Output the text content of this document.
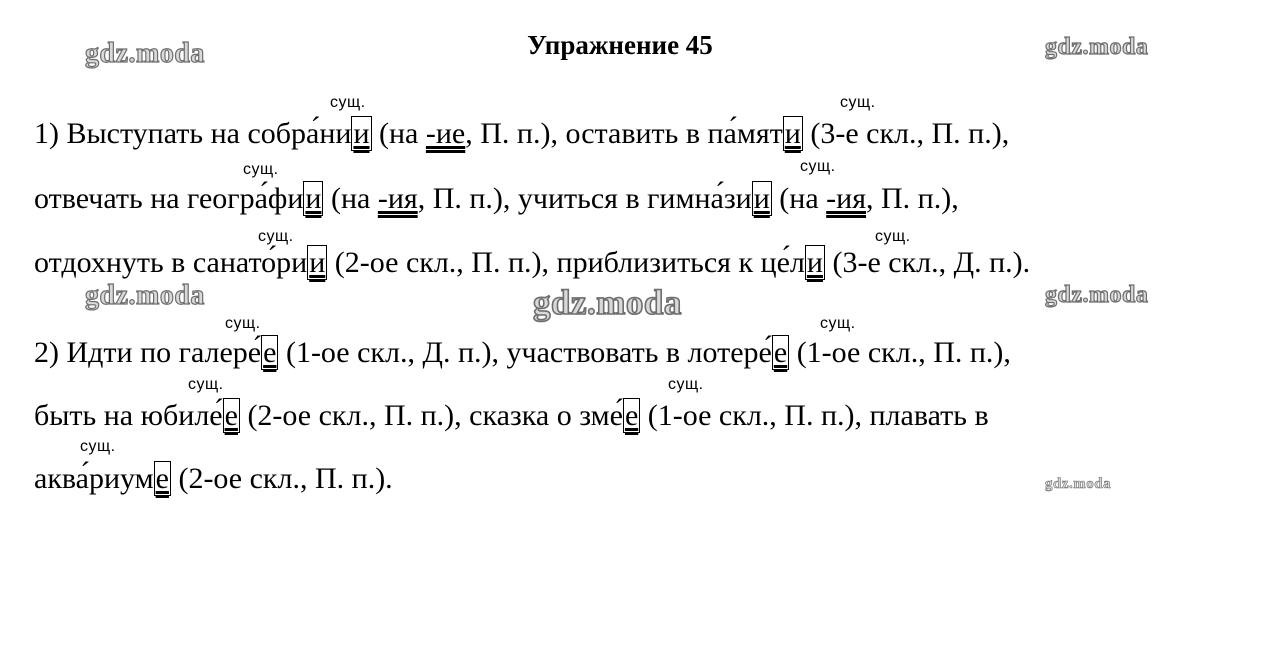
Упражнение 45
gdz.moda	gdz.moda
gdz.moda	gdz.moda	gdz.moda
gdz.moda
сущ.	сущ.
сущ.	сущ.
сущ.	сущ.
сущ.	сущ.
сущ.	сущ.
сущ.
1) Выступать на собра́нии (на -ие, П. п.), оставить в па́мяти (3-е скл., П. п.),
отвечать на геогра́фии (на -ия, П. п.), учиться в гимна́зии (на -ия, П. п.),
отдохнуть в санато́рии (2-ое скл., П. п.), приблизиться к це́ли (3-е скл., Д. п.).
2) Идти по галере́е (1-ое скл., Д. п.), участвовать в лотере́е (1-ое скл., П. п.),
быть на юбиле́е (2-ое скл., П. п.), сказка о зме́е (1-ое скл., П. п.), плавать в
аква́риуме (2-ое скл., П. п.).
